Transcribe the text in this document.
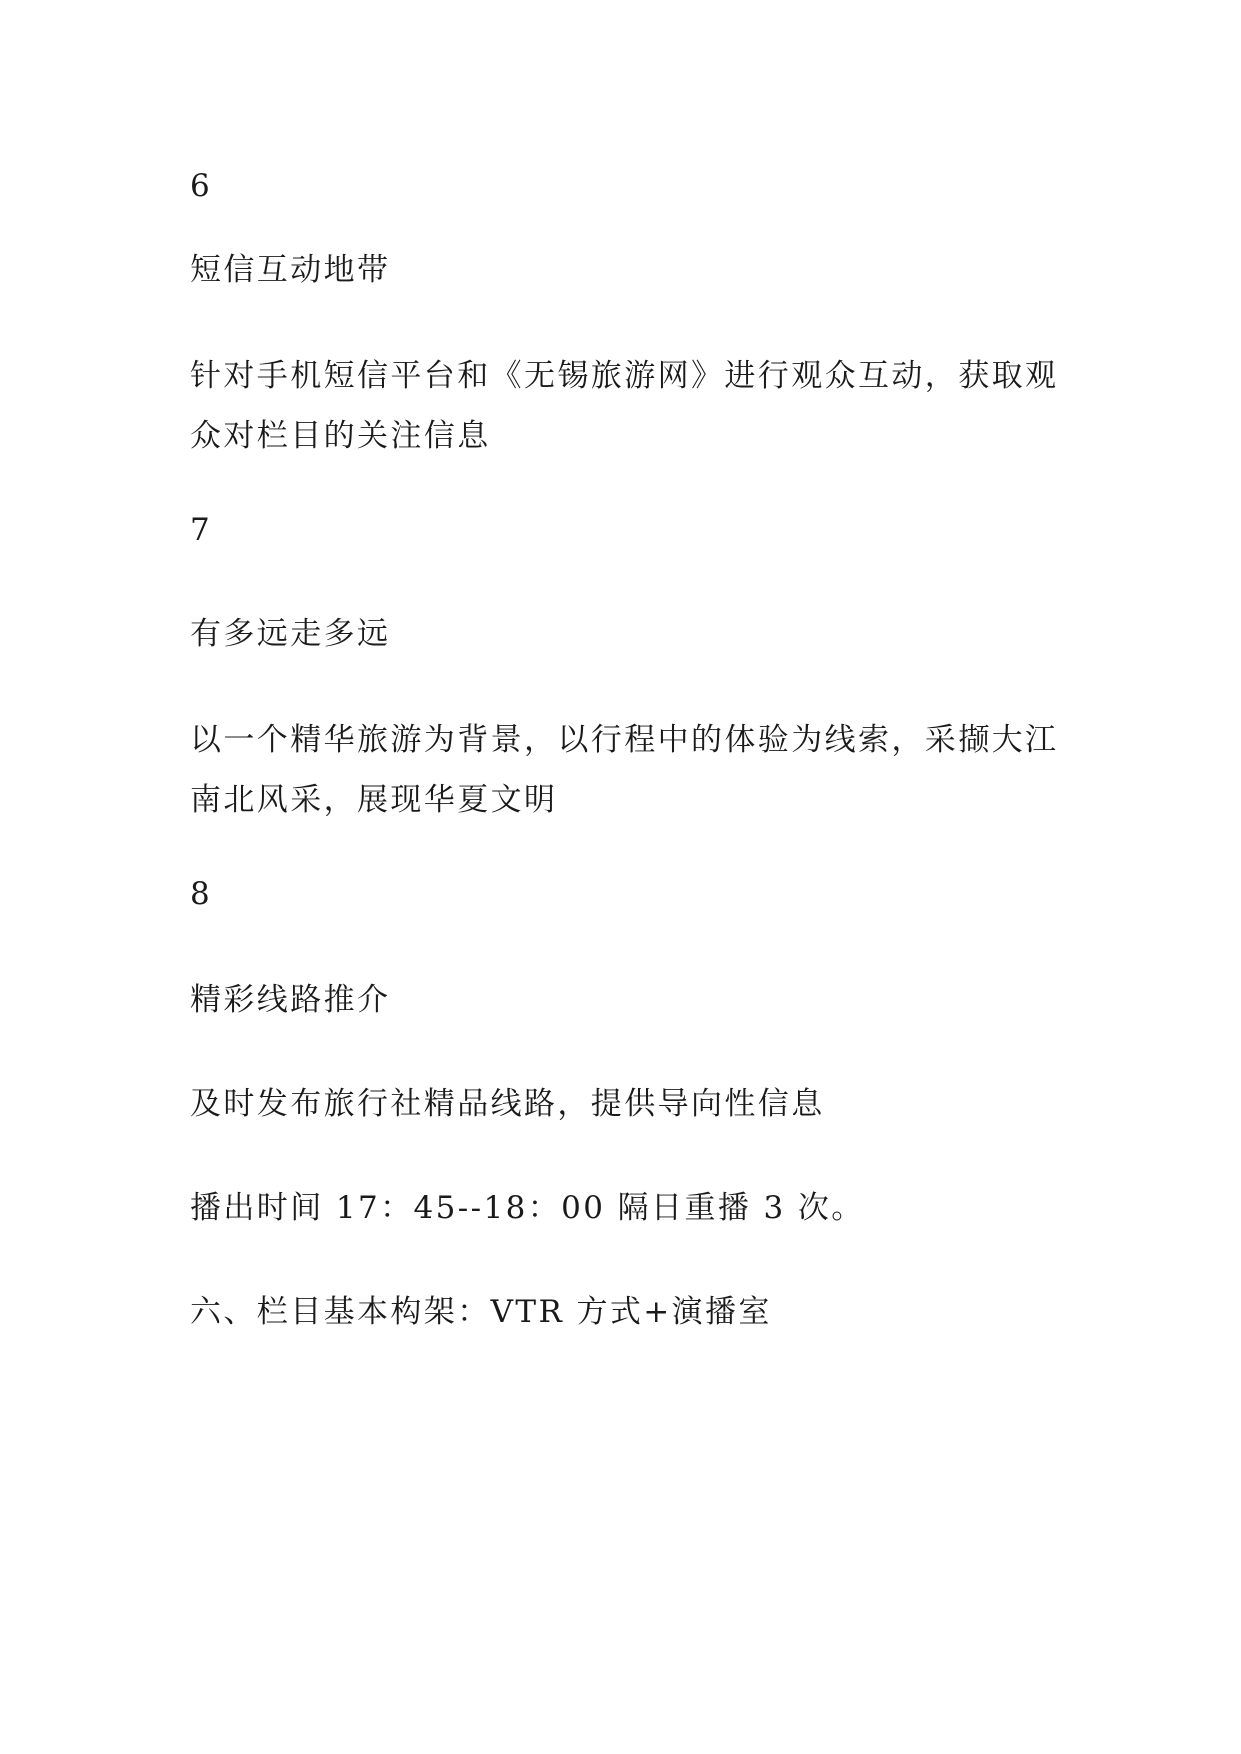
6

短信互动地带

针对手机短信平台和《无锡旅游网》进行观众互动，获取观众对栏目的关注信息

7

有多远走多远

以一个精华旅游为背景，以行程中的体验为线索，采撷大江南北风采，展现华夏文明

8

精彩线路推介

及时发布旅行社精品线路，提供导向性信息

播出时间 17：45--18：00 隔日重播 3 次。

六、栏目基本构架：VTR 方式+演播室
